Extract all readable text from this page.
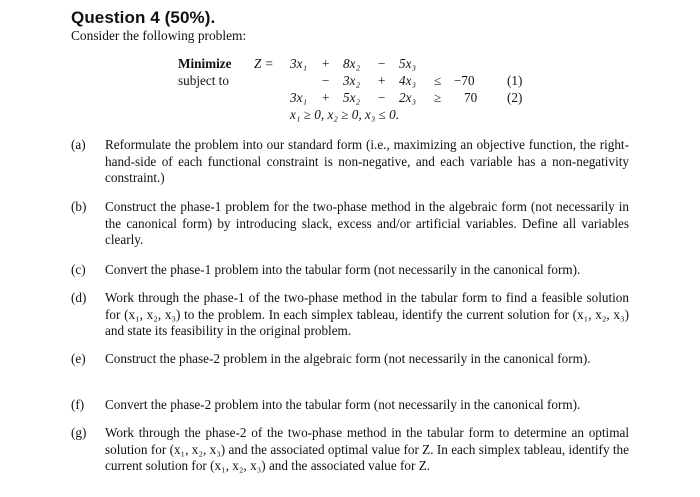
Question 4 (50%).
Consider the following problem:
Minimize Z = 3x₁ + 8x₂ − 5x₃
subject to	− 3x₂ + 4x₃ ≤ −70 (1)
3x₁ + 5x₂ − 2x₃ ≥ 70 (2)
x₁ ≥ 0, x₂ ≥ 0, x₃ ≤ 0.
(a) Reformulate the problem into our standard form (i.e., maximizing an objective function, the right-hand-side of each functional constraint is non-negative, and each variable has a non-negativity constraint.)
(b) Construct the phase-1 problem for the two-phase method in the algebraic form (not necessarily in the canonical form) by introducing slack, excess and/or artificial variables. Define all variables clearly.
(c) Convert the phase-1 problem into the tabular form (not necessarily in the canonical form).
(d) Work through the phase-1 of the two-phase method in the tabular form to find a feasible solution for (x₁, x₂, x₃) to the problem. In each simplex tableau, identify the current solution for (x₁, x₂, x₃) and state its feasibility in the original problem.
(e) Construct the phase-2 problem in the algebraic form (not necessarily in the canonical form).
(f) Convert the phase-2 problem into the tabular form (not necessarily in the canonical form).
(g) Work through the phase-2 of the two-phase method in the tabular form to determine an optimal solution for (x₁, x₂, x₃) and the associated optimal value for Z. In each simplex tableau, identify the current solution for (x₁, x₂, x₃) and the associated value for Z.
